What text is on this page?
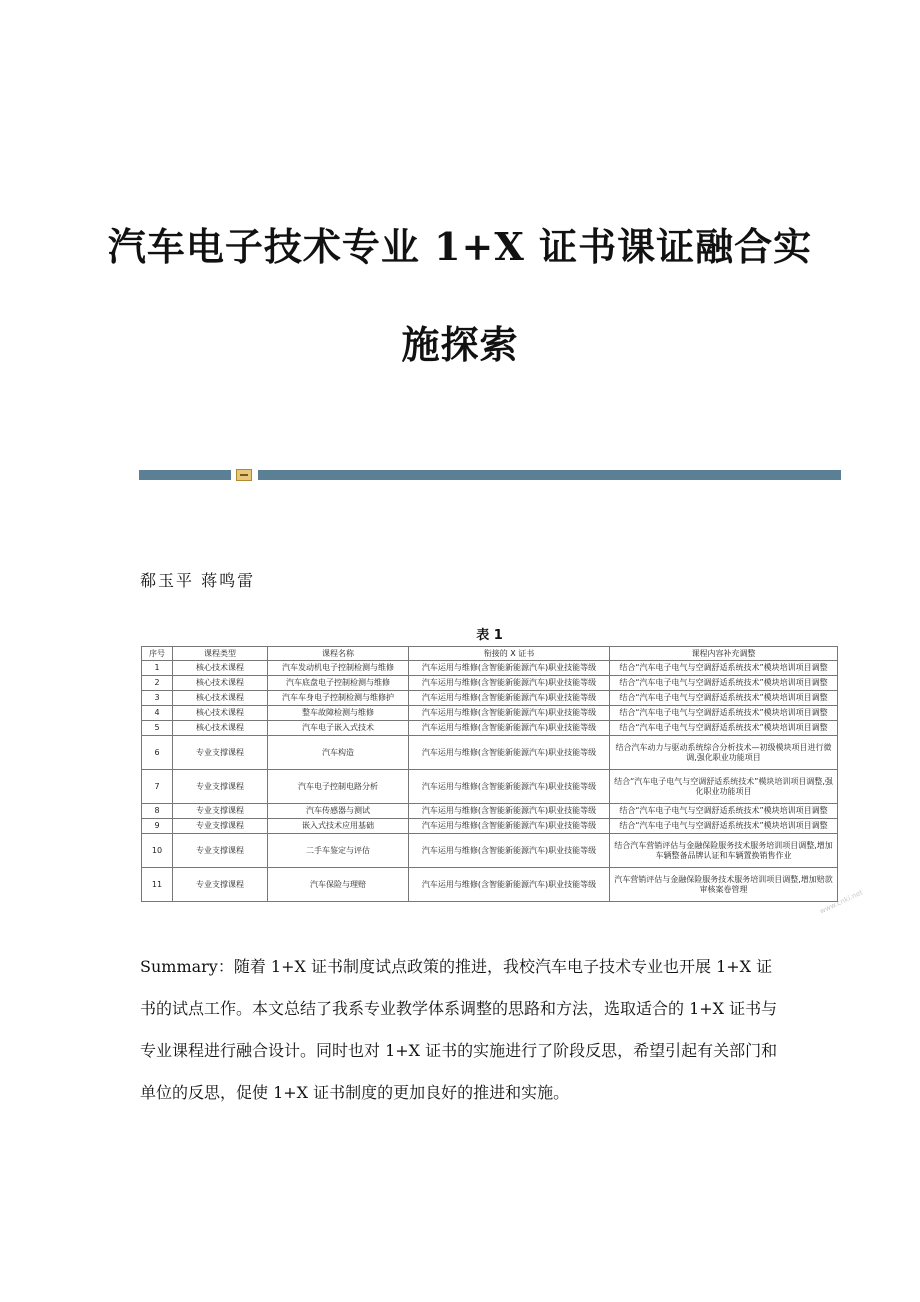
汽车电子技术专业 1+X 证书课证融合实
施探索
郗玉平 蒋鸣雷
表 1
序号	课程类型	课程名称	衔接的 X 证书	课程内容补充调整
1	核心技术课程	汽车发动机电子控制检测与维修	汽车运用与维修(含智能新能源汽车)职业技能等级	结合“汽车电子电气与空调舒适系统技术”模块培训项目调整
2	核心技术课程	汽车底盘电子控制检测与维修	汽车运用与维修(含智能新能源汽车)职业技能等级	结合“汽车电子电气与空调舒适系统技术”模块培训项目调整
3	核心技术课程	汽车车身电子控制检测与维修护	汽车运用与维修(含智能新能源汽车)职业技能等级	结合“汽车电子电气与空调舒适系统技术”模块培训项目调整
4	核心技术课程	整车故障检测与维修	汽车运用与维修(含智能新能源汽车)职业技能等级	结合“汽车电子电气与空调舒适系统技术”模块培训项目调整
5	核心技术课程	汽车电子嵌入式技术	汽车运用与维修(含智能新能源汽车)职业技能等级	结合“汽车电子电气与空调舒适系统技术”模块培训项目调整
6	专业支撑课程	汽车构造	汽车运用与维修(含智能新能源汽车)职业技能等级	结合汽车动力与驱动系统综合分析技术—初级模块项目进行微调,强化职业功能项目
7	专业支撑课程	汽车电子控制电路分析	汽车运用与维修(含智能新能源汽车)职业技能等级	结合“汽车电子电气与空调舒适系统技术”模块培训项目调整,强化职业功能项目
8	专业支撑课程	汽车传感器与测试	汽车运用与维修(含智能新能源汽车)职业技能等级	结合“汽车电子电气与空调舒适系统技术”模块培训项目调整
9	专业支撑课程	嵌入式技术应用基础	汽车运用与维修(含智能新能源汽车)职业技能等级	结合“汽车电子电气与空调舒适系统技术”模块培训项目调整
10	专业支撑课程	二手车鉴定与评估	汽车运用与维修(含智能新能源汽车)职业技能等级	结合汽车营销评估与金融保险服务技术服务培训项目调整,增加车辆整备品牌认证和车辆置换销售作业
11	专业支撑课程	汽车保险与理赔	汽车运用与维修(含智能新能源汽车)职业技能等级	汽车营销评估与金融保险服务技术服务培训项目调整,增加赔款审核案卷管理	www.cnki.net

Summary：随着 1+X 证书制度试点政策的推进，我校汽车电子技术专业也开展 1+X 证书的试点工作。本文总结了我系专业教学体系调整的思路和方法，选取适合的 1+X 证书与专业课程进行融合设计。同时也对 1+X 证书的实施进行了阶段反思，希望引起有关部门和单位的反思，促使 1+X 证书制度的更加良好的推进和实施。
